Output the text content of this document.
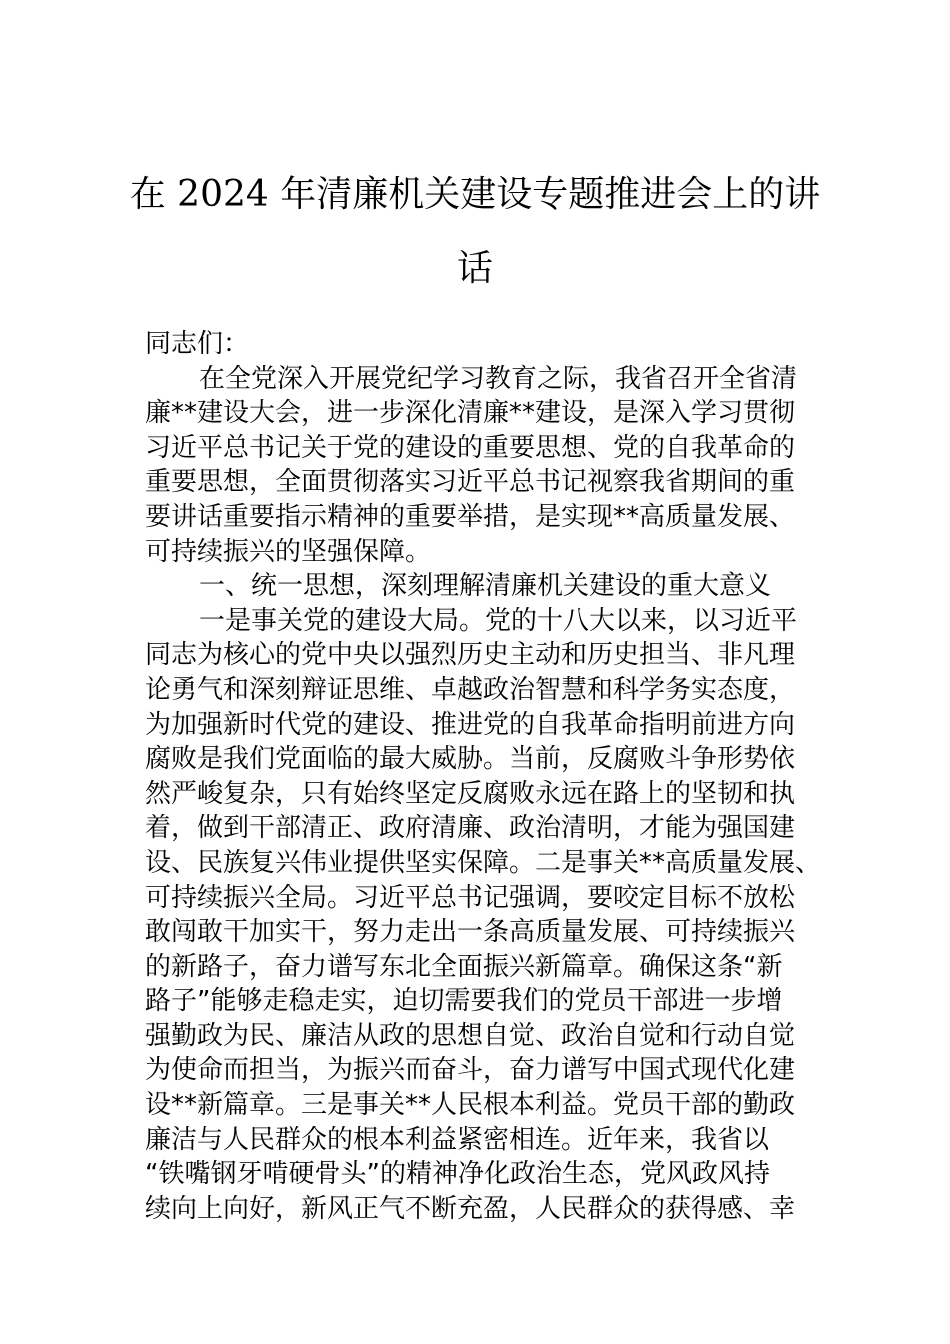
在 2024 年清廉机关建设专题推进会上的讲
话
同志们：
在全党深入开展党纪学习教育之际，我省召开全省清
廉**建设大会，进一步深化清廉**建设，是深入学习贯彻
习近平总书记关于党的建设的重要思想、党的自我革命的
重要思想，全面贯彻落实习近平总书记视察我省期间的重
要讲话重要指示精神的重要举措，是实现**高质量发展、
可持续振兴的坚强保障。
一、统一思想，深刻理解清廉机关建设的重大意义
一是事关党的建设大局。党的十八大以来，以习近平
同志为核心的党中央以强烈历史主动和历史担当、非凡理
论勇气和深刻辩证思维、卓越政治智慧和科学务实态度，
为加强新时代党的建设、推进党的自我革命指明前进方向
腐败是我们党面临的最大威胁。当前，反腐败斗争形势依
然严峻复杂，只有始终坚定反腐败永远在路上的坚韧和执
着，做到干部清正、政府清廉、政治清明，才能为强国建
设、民族复兴伟业提供坚实保障。二是事关**高质量发展、
可持续振兴全局。习近平总书记强调，要咬定目标不放松
敢闯敢干加实干，努力走出一条高质量发展、可持续振兴
的新路子，奋力谱写东北全面振兴新篇章。确保这条“新
路子”能够走稳走实，迫切需要我们的党员干部进一步增
强勤政为民、廉洁从政的思想自觉、政治自觉和行动自觉
为使命而担当，为振兴而奋斗，奋力谱写中国式现代化建
设**新篇章。三是事关**人民根本利益。党员干部的勤政
廉洁与人民群众的根本利益紧密相连。近年来，我省以
“铁嘴钢牙啃硬骨头”的精神净化政治生态，党风政风持
续向上向好，新风正气不断充盈，人民群众的获得感、幸
